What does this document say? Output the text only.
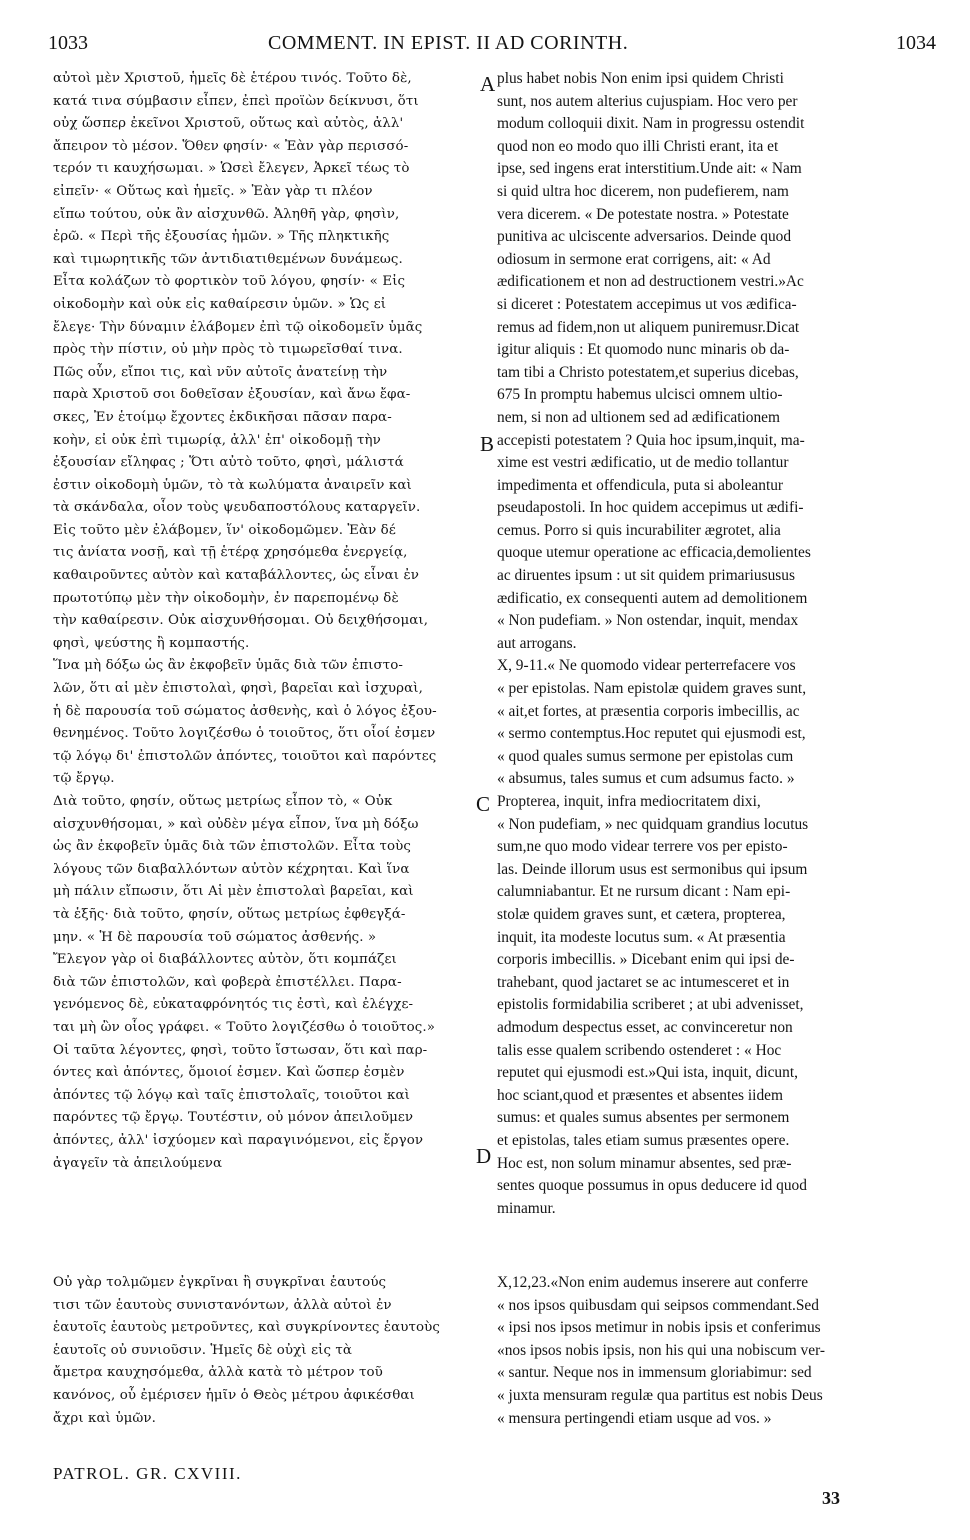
1033	COMMENT. IN EPIST. II AD CORINTH.	1034
αὐτοὶ μὲν Χριστοῦ, ἡμεῖς δὲ ἑτέρου τινός. Τοῦτο δὲ,
κατά τινα σύμβασιν εἶπεν, ἐπεὶ προϊὼν δείκνυσι, ὅτι
οὐχ ὥσπερ ἐκεῖνοι Χριστοῦ, οὕτως καὶ αὐτὸς, ἀλλ'
ἄπειρον τὸ μέσον. Ὅθεν φησίν· « Ἐὰν γὰρ περισσό-
τερόν τι καυχήσωμαι. » Ὡσεὶ ἔλεγεν, Ἀρκεῖ τέως τὸ
εἰπεῖν· « Οὕτως καὶ ἡμεῖς. » Ἐὰν γὰρ τι πλέον
εἴπω τούτου, οὐκ ἂν αἰσχυνθῶ. Ἀληθῆ γὰρ, φησὶν,
ἐρῶ. « Περὶ τῆς ἐξουσίας ἡμῶν. » Τῆς πληκτικῆς
καὶ τιμωρητικῆς τῶν ἀντιδιατιθεμένων δυνάμεως.
Εἶτα κολάζων τὸ φορτικὸν τοῦ λόγου, φησίν· « Εἰς
οἰκοδομὴν καὶ οὐκ εἰς καθαίρεσιν ὑμῶν. » Ὡς εἰ
ἔλεγε· Τὴν δύναμιν ἐλάβομεν ἐπὶ τῷ οἰκοδομεῖν ὑμᾶς
πρὸς τὴν πίστιν, οὐ μὴν πρὸς τὸ τιμωρεῖσθαί τινα.
Πῶς οὖν, εἴποι τις, καὶ νῦν αὐτοῖς ἀνατείνῃ τὴν
παρὰ Χριστοῦ σοι δοθεῖσαν ἐξουσίαν, καὶ ἄνω ἔφα-
σκες, Ἐν ἑτοίμῳ ἔχοντες ἐκδικῆσαι πᾶσαν παρα-
κοὴν, εἰ οὐκ ἐπὶ τιμωρίᾳ, ἀλλ' ἐπ' οἰκοδομῇ τὴν
ἐξουσίαν εἴληφας ; Ὅτι αὐτὸ τοῦτο, φησὶ, μάλιστά
ἐστιν οἰκοδομὴ ὑμῶν, τὸ τὰ κωλύματα ἀναιρεῖν καὶ
τὰ σκάνδαλα, οἷον τοὺς ψευδαποστόλους καταργεῖν.
Εἰς τοῦτο μὲν ἐλάβομεν, ἵν' οἰκοδομῶμεν. Ἐὰν δέ
τις ἀνίατα νοσῇ, καὶ τῇ ἑτέρᾳ χρησόμεθα ἐνεργείᾳ,
καθαιροῦντες αὐτὸν καὶ καταβάλλοντες, ὡς εἶναι ἐν
πρωτοτύπῳ μὲν τὴν οἰκοδομὴν, ἐν παρεπομένῳ δὲ
τὴν καθαίρεσιν. Οὐκ αἰσχυνθήσομαι. Οὐ δειχθήσομαι,
φησὶ, ψεύστης ἢ κομπαστής.
Ἵνα μὴ δόξω ὡς ἂν ἐκφοβεῖν ὑμᾶς διὰ τῶν ἐπιστο-
λῶν, ὅτι αἱ μὲν ἐπιστολαὶ, φησὶ, βαρεῖαι καὶ ἰσχυραὶ,
ἡ δὲ παρουσία τοῦ σώματος ἀσθενὴς, καὶ ὁ λόγος ἐξου-
θενημένος. Τοῦτο λογιζέσθω ὁ τοιοῦτος, ὅτι οἷοί ἐσμεν
τῷ λόγῳ δι' ἐπιστολῶν ἀπόντες, τοιοῦτοι καὶ παρόντες
τῷ ἔργῳ.
Διὰ τοῦτο, φησίν, οὕτως μετρίως εἶπον τὸ, « Οὐκ
αἰσχυνθήσομαι, » καὶ οὐδὲν μέγα εἶπον, ἵνα μὴ δόξω
ὡς ἂν ἐκφοβεῖν ὑμᾶς διὰ τῶν ἐπιστολῶν. Εἶτα τοὺς
λόγους τῶν διαβαλλόντων αὐτὸν κέχρηται. Καὶ ἵνα
μὴ πάλιν εἴπωσιν, ὅτι Αἱ μὲν ἐπιστολαὶ βαρεῖαι, καὶ
τὰ ἑξῆς· διὰ τοῦτο, φησίν, οὕτως μετρίως ἐφθεγξά-
μην. « Ἡ δὲ παρουσία τοῦ σώματος ἀσθενής. »
Ἔλεγον γὰρ οἱ διαβάλλοντες αὐτὸν, ὅτι κομπάζει
διὰ τῶν ἐπιστολῶν, καὶ φοβερὰ ἐπιστέλλει. Παρα-
γενόμενος δὲ, εὐκαταφρόνητός τις ἐστὶ, καὶ ἐλέγχε-
ται μὴ ὢν οἷος γράφει. « Τοῦτο λογιζέσθω ὁ τοιοῦτος.»
Οἱ ταῦτα λέγοντες, φησὶ, τοῦτο ἴστωσαν, ὅτι καὶ παρ-
όντες καὶ ἀπόντες, ὅμοιοί ἐσμεν. Καὶ ὥσπερ ἐσμὲν
ἀπόντες τῷ λόγῳ καὶ ταῖς ἐπιστολαῖς, τοιοῦτοι καὶ
παρόντες τῷ ἔργῳ. Τουτέστιν, οὐ μόνον ἀπειλοῦμεν
ἀπόντες, ἀλλ' ἰσχύομεν καὶ παραγινόμενοι, εἰς ἔργον
ἀγαγεῖν τὰ ἀπειλούμενα
plus habet nobis Non enim ipsi quidem Christi
sunt, nos autem alterius cujuspiam. Hoc vero per
modum colloquii dixit. Nam in progressu ostendit
quod non eo modo quo illi Christi erant, ita et
ipse, sed ingens erat interstitium.Unde ait: « Nam
si quid ultra hoc dicerem, non pudefierem, nam
vera dicerem. « De potestate nostra. » Potestate
punitiva ac ulciscente adversarios. Deinde quod
odiosum in sermone erat corrigens, ait: « Ad
ædificationem et non ad destructionem vestri.»Ac
si diceret : Potestatem accepimus ut vos ædifica-
remus ad fidem,non ut aliquem puniremusr.Dicat
igitur aliquis : Et quomodo nunc minaris ob da-
tam tibi a Christo potestatem,et superius dicebas,
675 In promptu habemus ulcisci omnem ultio-
nem, si non ad ultionem sed ad ædificationem
accepisti potestatem ? Quia hoc ipsum,inquit, ma-
xime est vestri ædificatio, ut de medio tollantur
impedimenta et offendicula, puta si aboleantur
pseudapostoli. In hoc quidem accepimus ut ædifi-
cemus. Porro si quis incurabiliter ægrotet, alia
quoque utemur operatione ac efficacia,demolientes
ac diruentes ipsum : ut sit quidem primariususus
ædificatio, ex consequenti autem ad demolitionem
« Non pudefiam. » Non ostendar, inquit, mendax
aut arrogans.
X, 9-11.« Ne quomodo videar perterrefacere vos
« per epistolas. Nam epistolæ quidem graves sunt,
« ait,et fortes, at præsentia corporis imbecillis, ac
« sermo contemptus.Hoc reputet qui ejusmodi est,
« quod quales sumus sermone per epistolas cum
« absumus, tales sumus et cum adsumus facto. »
Propterea, inquit, infra mediocritatem dixi,
« Non pudefiam, » nec quidquam grandius locutus
sum,ne quo modo videar terrere vos per episto-
las. Deinde illorum usus est sermonibus qui ipsum
calumniabantur. Et ne rursum dicant : Nam epi-
stolæ quidem graves sunt, et cætera, propterea,
inquit, ita modeste locutus sum. « At præsentia
corporis imbecillis. » Dicebant enim qui ipsi de-
trahebant, quod jactaret se ac intumesceret et in
epistolis formidabilia scriberet ; at ubi advenisset,
admodum despectus esset, ac convinceretur non
talis esse qualem scribendo ostenderet : « Hoc
reputet qui ejusmodi est.»Qui ista, inquit, dicunt,
hoc sciant,quod et præsentes et absentes iidem
sumus: et quales sumus absentes per sermonem
et epistolas, tales etiam sumus præsentes opere.
Hoc est, non solum minamur absentes, sed præ-
sentes quoque possumus in opus deducere id quod
minamur.
A
B
C
D
Οὐ γὰρ τολμῶμεν ἐγκρῖναι ἢ συγκρῖναι ἑαυτούς
τισι τῶν ἑαυτοὺς συνιστανόντων, ἀλλὰ αὐτοὶ ἐν
ἑαυτοῖς ἑαυτοὺς μετροῦντες, καὶ συγκρίνοντες ἑαυτοὺς
ἑαυτοῖς οὐ συνιοῦσιν. Ἡμεῖς δὲ οὐχὶ εἰς τὰ
ἄμετρα καυχησόμεθα, ἀλλὰ κατὰ τὸ μέτρον τοῦ
κανόνος, οὗ ἐμέρισεν ἡμῖν ὁ Θεὸς μέτρου ἀφικέσθαι
ἄχρι καὶ ὑμῶν.
X,12,23.«Non enim audemus inserere aut conferre
« nos ipsos quibusdam qui seipsos commendant.Sed
« ipsi nos ipsos metimur in nobis ipsis et conferimus
«nos ipsos nobis ipsis, non his qui una nobiscum ver-
« santur. Neque nos in immensum gloriabimur: sed
« juxta mensuram regulæ qua partitus est nobis Deus
« mensura pertingendi etiam usque ad vos. »
PATROL. GR. CXVIII.
33
